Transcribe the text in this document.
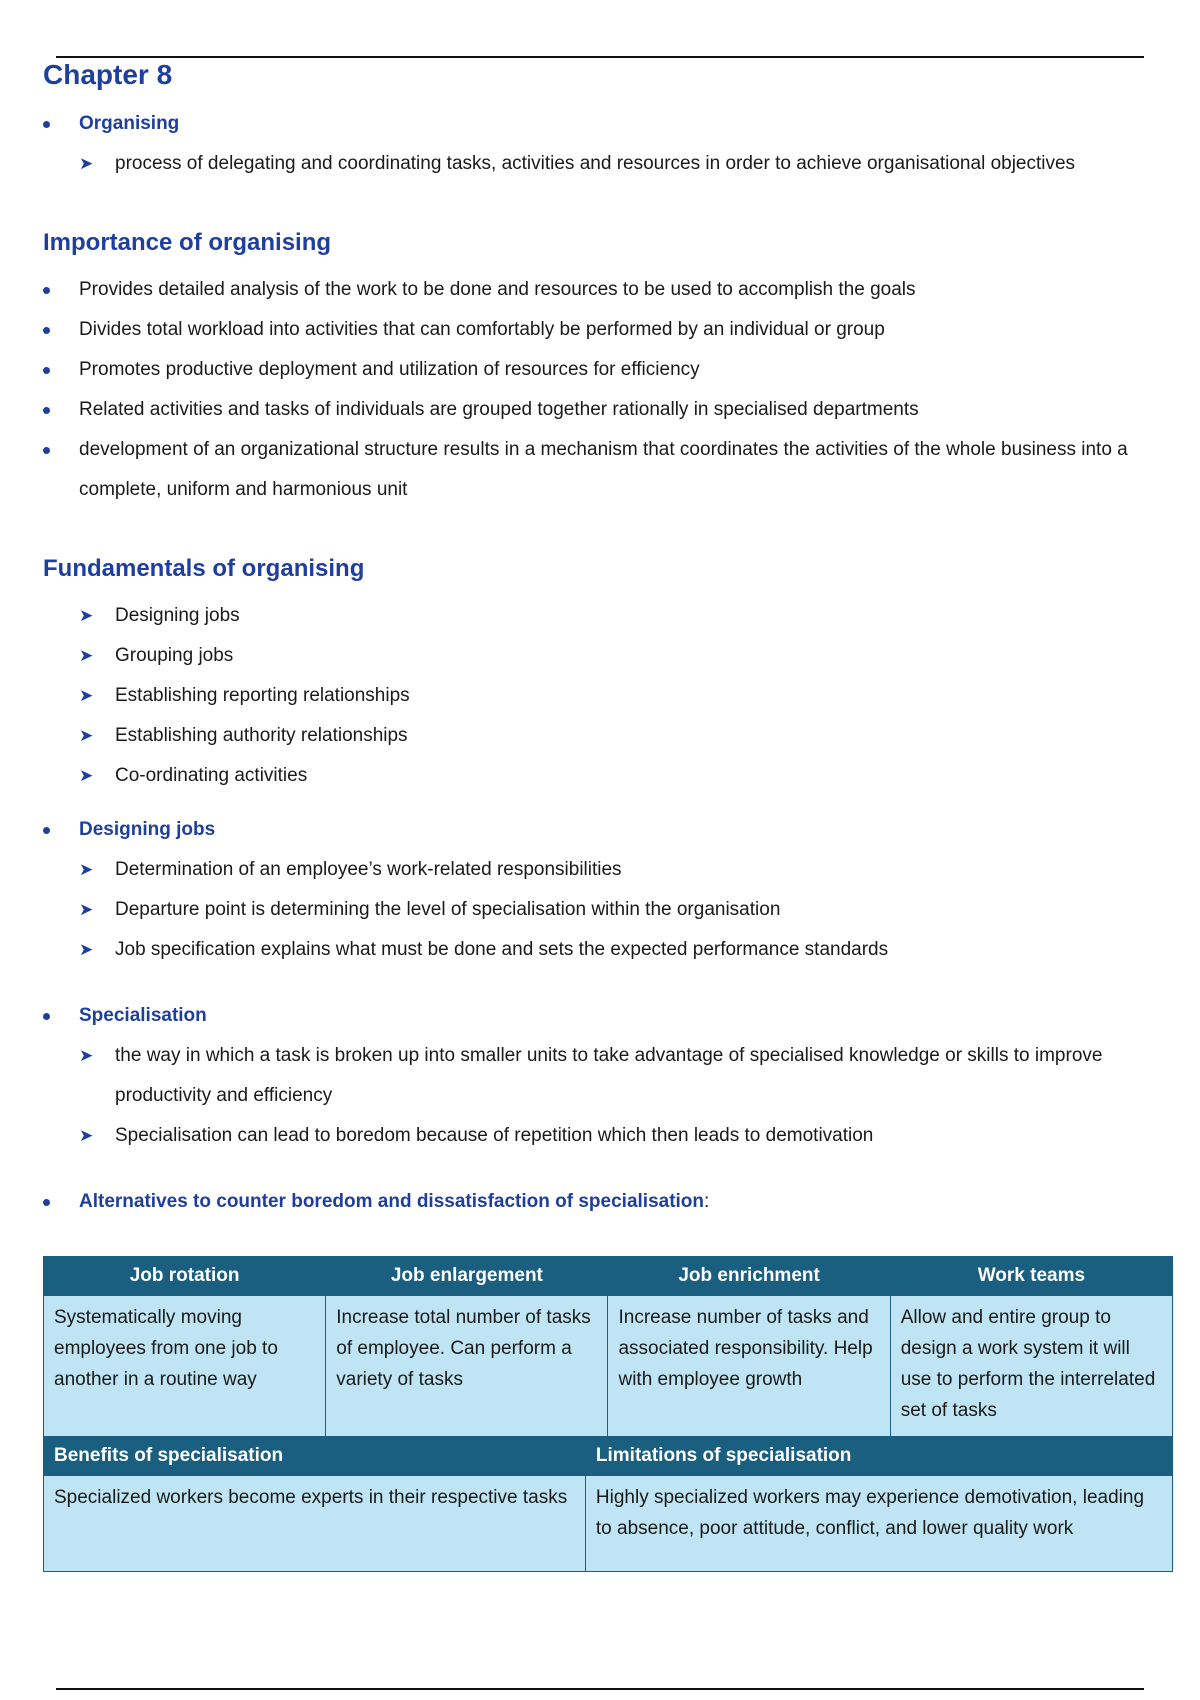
Chapter 8

Organising

➤ process of delegating and coordinating tasks, activities and resources in order to achieve organisational objectives

Importance of organising

Provides detailed analysis of the work to be done and resources to be used to accomplish the goals

Divides total workload into activities that can comfortably be performed by an individual or group

Promotes productive deployment and utilization of resources for efficiency

Related activities and tasks of individuals are grouped together rationally in specialised departments

development of an organizational structure results in a mechanism that coordinates the activities of the whole business into a complete, uniform and harmonious unit

Fundamentals of organising

➤ Designing jobs

➤ Grouping jobs

➤ Establishing reporting relationships

➤ Establishing authority relationships

➤ Co-ordinating activities

Designing jobs

➤ Determination of an employee’s work-related responsibilities

➤ Departure point is determining the level of specialisation within the organisation

➤ Job specification explains what must be done and sets the expected performance standards

Specialisation

➤ the way in which a task is broken up into smaller units to take advantage of specialised knowledge or skills to improve productivity and efficiency

➤ Specialisation can lead to boredom because of repetition which then leads to demotivation

Alternatives to counter boredom and dissatisfaction of specialisation:

Job rotation	Job enlargement		Job enrichment	Work teams
Systematically moving employees from one job to another in a routine way	Increase total number of tasks of employee. Can perform a variety of tasks		Increase number of tasks and associated responsibility. Help with employee growth	Allow and entire group to design a work system it will use to perform the interrelated set of tasks
Benefits of specialisation		Limitations of specialisation		
Specialized workers become experts in their respective tasks		Highly specialized workers may experience demotivation, leading to absence, poor attitude, conflict, and lower quality work		
